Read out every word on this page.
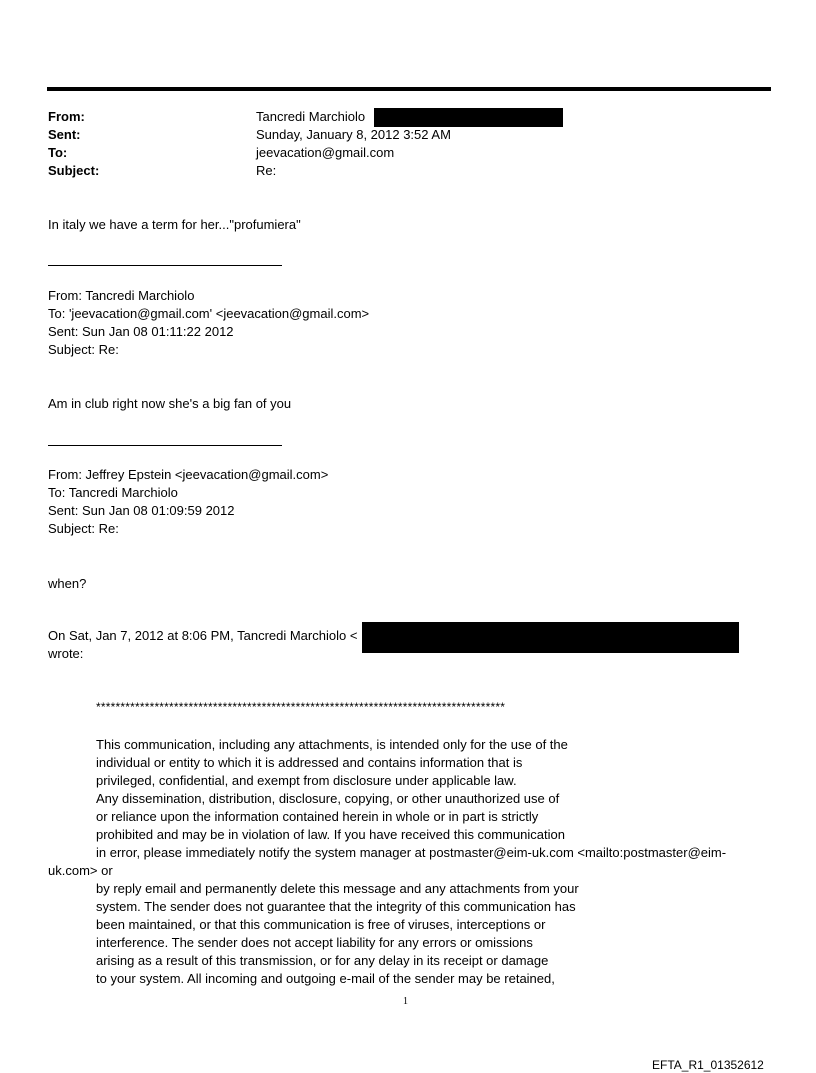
From:	Tancredi Marchiolo
Sent:	Sunday, January 8, 2012 3:52 AM
To:	jeevacation@gmail.com
Subject:	Re:
In italy we have a term for her..."profumiera"
From: Tancredi Marchiolo
To: 'jeevacation@gmail.com' <jeevacation@gmail.com>
Sent: Sun Jan 08 01:11:22 2012
Subject: Re:
Am in club right now she's a big fan of you
From: Jeffrey Epstein <jeevacation@gmail.com>
To: Tancredi Marchiolo
Sent: Sun Jan 08 01:09:59 2012
Subject: Re:
when?
On Sat, Jan 7, 2012 at 8:06 PM, Tancredi Marchiolo <
wrote:
************************************************************************************
This communication, including any attachments, is intended only for the use of the
individual or entity to which it is addressed and contains information that is
privileged, confidential, and exempt from disclosure under applicable law.
Any dissemination, distribution, disclosure, copying, or other unauthorized use of
or reliance upon the information contained herein in whole or in part is strictly
prohibited and may be in violation of law. If you have received this communication
in error, please immediately notify the system manager at postmaster@eim-uk.com <mailto:postmaster@eim-
uk.com> or
by reply email and permanently delete this message and any attachments from your
system. The sender does not guarantee that the integrity of this communication has
been maintained, or that this communication is free of viruses, interceptions or
interference. The sender does not accept liability for any errors or omissions
arising as a result of this transmission, or for any delay in its receipt or damage
to your system. All incoming and outgoing e-mail of the sender may be retained,
1
EFTA_R1_01352612
